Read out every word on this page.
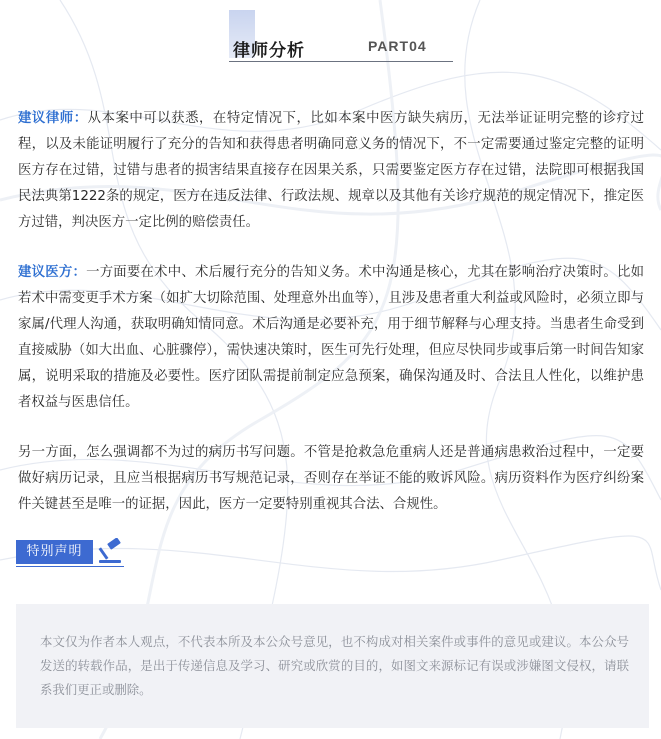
律师分析	PART04

建议律师：从本案中可以获悉，在特定情况下，比如本案中医方缺失病历，无法举证证明完整的诊疗过程，以及未能证明履行了充分的告知和获得患者明确同意义务的情况下，不一定需要通过鉴定完整的证明医方存在过错，过错与患者的损害结果直接存在因果关系，只需要鉴定医方存在过错，法院即可根据我国民法典第1222条的规定，医方在违反法律、行政法规、规章以及其他有关诊疗规范的规定情况下，推定医方过错，判决医方一定比例的赔偿责任。

建议医方：一方面要在术中、术后履行充分的告知义务。术中沟通是核心，尤其在影响治疗决策时。比如若术中需变更手术方案（如扩大切除范围、处理意外出血等），且涉及患者重大利益或风险时，必须立即与家属/代理人沟通，获取明确知情同意。术后沟通是必要补充，用于细节解释与心理支持。当患者生命受到直接威胁（如大出血、心脏骤停），需快速决策时，医生可先行处理，但应尽快同步或事后第一时间告知家属，说明采取的措施及必要性。医疗团队需提前制定应急预案，确保沟通及时、合法且人性化，以维护患者权益与医患信任。

另一方面，怎么强调都不为过的病历书写问题。不管是抢救急危重病人还是普通病患救治过程中，一定要做好病历记录，且应当根据病历书写规范记录，否则存在举证不能的败诉风险。病历资料作为医疗纠纷案件关键甚至是唯一的证据，因此，医方一定要特别重视其合法、合规性。

特别声明

本文仅为作者本人观点，不代表本所及本公众号意见，也不构成对相关案件或事件的意见或建议。本公众号发送的转载作品，是出于传递信息及学习、研究或欣赏的目的，如图文来源标记有误或涉嫌图文侵权，请联系我们更正或删除。
